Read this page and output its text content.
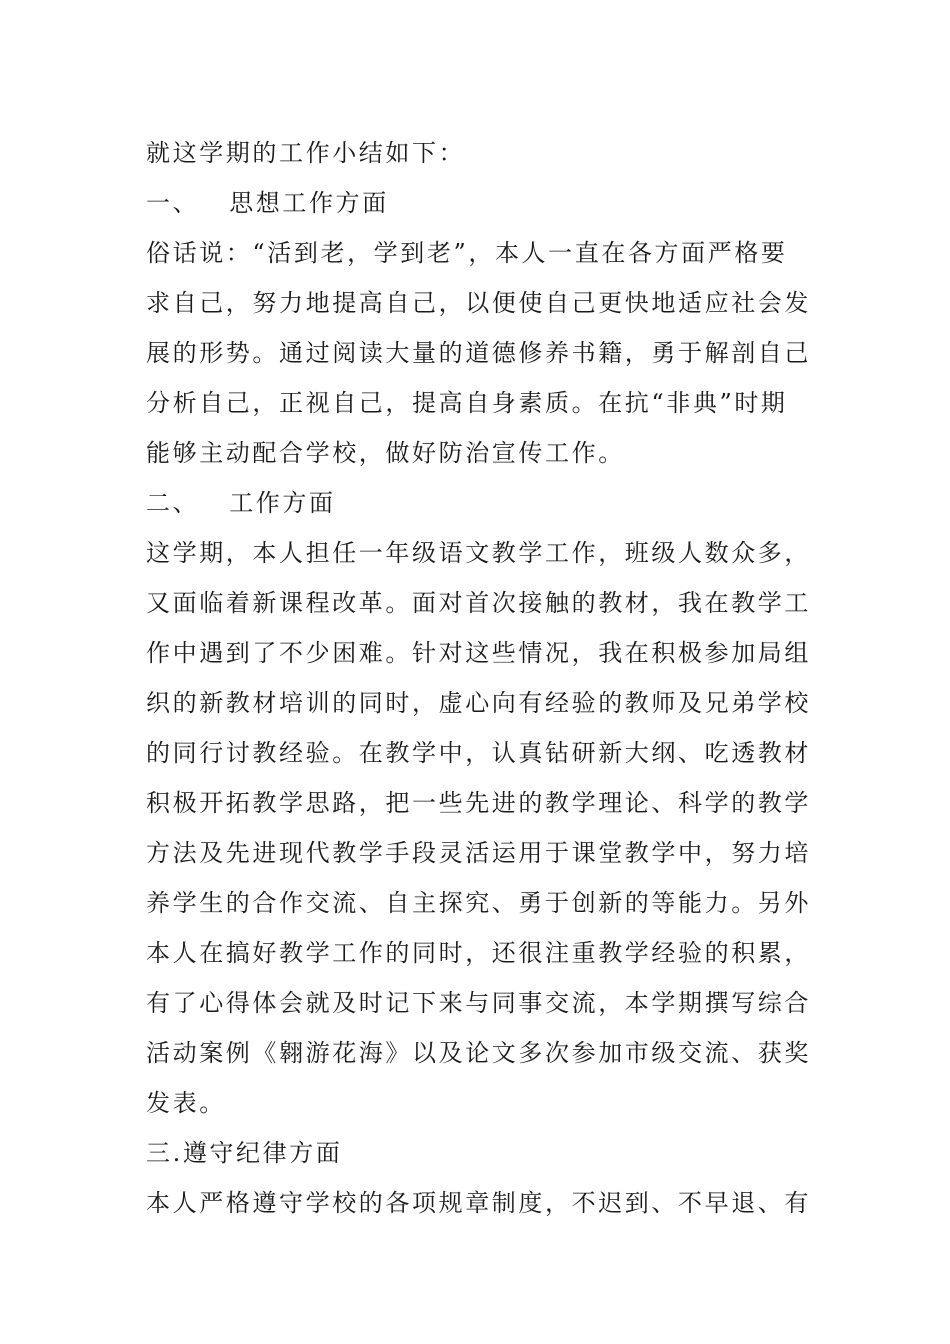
就这学期的工作小结如下：
一、 思想工作方面
俗话说：“活到老，学到老”，本人一直在各方面严格要
求自己，努力地提高自己，以便使自己更快地适应社会发
展的形势。通过阅读大量的道德修养书籍，勇于解剖自己
分析自己，正视自己，提高自身素质。在抗“非典”时期
能够主动配合学校，做好防治宣传工作。
二、 工作方面
这学期，本人担任一年级语文教学工作，班级人数众多，
又面临着新课程改革。面对首次接触的教材，我在教学工
作中遇到了不少困难。针对这些情况，我在积极参加局组
织的新教材培训的同时，虚心向有经验的教师及兄弟学校
的同行讨教经验。在教学中，认真钻研新大纲、吃透教材
积极开拓教学思路，把一些先进的教学理论、科学的教学
方法及先进现代教学手段灵活运用于课堂教学中，努力培
养学生的合作交流、自主探究、勇于创新的等能力。另外
本人在搞好教学工作的同时，还很注重教学经验的积累，
有了心得体会就及时记下来与同事交流，本学期撰写综合
活动案例《翱游花海》以及论文多次参加市级交流、获奖
发表。
三.遵守纪律方面
本人严格遵守学校的各项规章制度，不迟到、不早退、有
